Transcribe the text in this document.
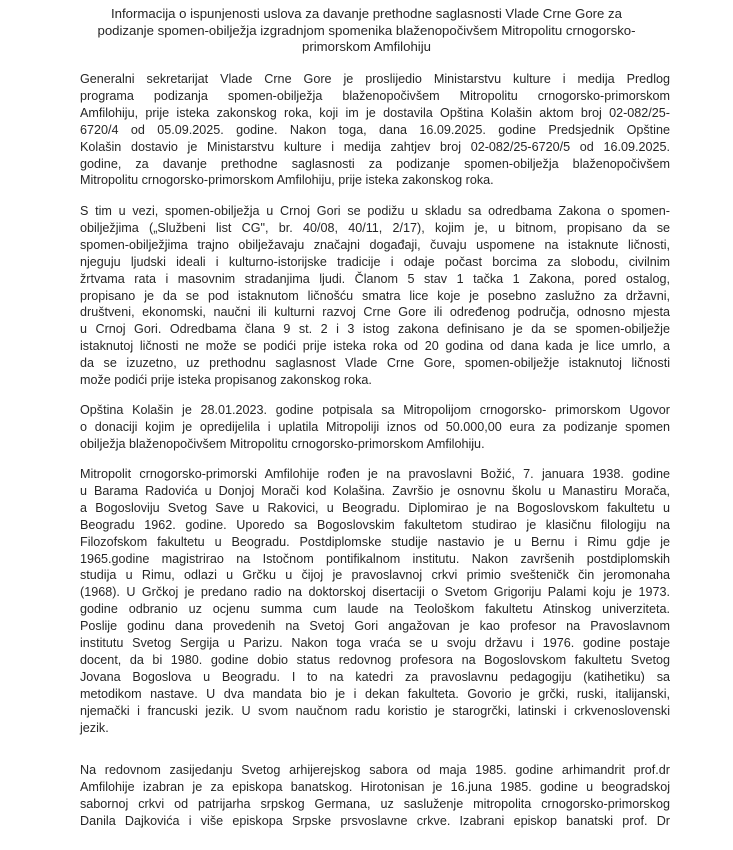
Informacija o ispunjenosti uslova za davanje prethodne saglasnosti Vlade Crne Gore za
podizanje spomen-obilježja izgradnjom spomenika blaženopočivšem Mitropolitu crnogorsko-
primorskom Amfilohiju
Generalni sekretarijat Vlade Crne Gore je proslijedio Ministarstvu kulture i medija Predlog
programa podizanja spomen-obilježja blaženopočivšem Mitropolitu crnogorsko-primorskom
Amfilohiju, prije isteka zakonskog roka, koji im je dostavila Opština Kolašin aktom broj 02-082/25-
6720/4 od 05.09.2025. godine. Nakon toga, dana 16.09.2025. godine Predsjednik Opštine
Kolašin dostavio je Ministarstvu kulture i medija zahtjev broj 02-082/25-6720/5 od 16.09.2025.
godine, za davanje prethodne saglasnosti za podizanje spomen-obilježja blaženopočivšem
Mitropolitu crnogorsko-primorskom Amfilohiju, prije isteka zakonskog roka.
S tim u vezi, spomen-obilježja u Crnoj Gori se podižu u skladu sa odredbama Zakona o spomen-
obilježjima („Službeni list CG", br. 40/08, 40/11, 2/17), kojim je, u bitnom, propisano da se
spomen-obilježjima trajno obilježavaju značajni događaji, čuvaju uspomene na istaknute ličnosti,
njeguju ljudski ideali i kulturno-istorijske tradicije i odaje počast borcima za slobodu, civilnim
žrtvama rata i masovnim stradanjima ljudi. Članom 5 stav 1 tačka 1 Zakona, pored ostalog,
propisano je da se pod istaknutom ličnošću smatra lice koje je posebno zaslužno za državni,
društveni, ekonomski, naučni ili kulturni razvoj Crne Gore ili određenog područja, odnosno mjesta
u Crnoj Gori. Odredbama člana 9 st. 2 i 3 istog zakona definisano je da se spomen-obilježje
istaknutoj ličnosti ne može se podići prije isteka roka od 20 godina od dana kada je lice umrlo, a
da se izuzetno, uz prethodnu saglasnost Vlade Crne Gore, spomen-obilježje istaknutoj ličnosti
može podići prije isteka propisanog zakonskog roka.
Opština Kolašin je 28.01.2023. godine potpisala sa Mitropolijom crnogorsko- primorskom Ugovor
o donaciji kojim je opredijelila i uplatila Mitropoliji iznos od 50.000,00 eura za podizanje spomen
obilježja blaženopočivšem Mitropolitu crnogorsko-primorskom Amfilohiju.
Mitropolit crnogorsko-primorski Amfilohije rođen je na pravoslavni Božić, 7. januara 1938. godine
u Barama Radovića u Donjoj Morači kod Kolašina. Završio je osnovnu školu u Manastiru Morača,
a Bogosloviju Svetog Save u Rakovici, u Beogradu. Diplomirao je na Bogoslovskom fakultetu u
Beogradu 1962. godine. Uporedo sa Bogoslovskim fakultetom studirao je klasičnu filologiju na
Filozofskom fakultetu u Beogradu. Postdiplomske studije nastavio je u Bernu i Rimu gdje je
1965.godine magistrirao na Istočnom pontifikalnom institutu. Nakon završenih postdiplomskih
studija u Rimu, odlazi u Grčku u čijoj je pravoslavnoj crkvi primio svešteničk čin jeromonaha
(1968). U Grčkoj je predano radio na doktorskoj disertaciji o Svetom Grigoriju Palami koju je 1973.
godine odbranio uz ocjenu summa cum laude na Teološkom fakultetu Atinskog univerziteta.
Poslije godinu dana provedenih na Svetoj Gori angažovan je kao profesor na Pravoslavnom
institutu Svetog Sergija u Parizu. Nakon toga vraća se u svoju državu i 1976. godine postaje
docent, da bi 1980. godine dobio status redovnog profesora na Bogoslovskom fakultetu Svetog
Jovana Bogoslova u Beogradu. I to na katedri za pravoslavnu pedagogiju (katihetiku) sa
metodikom nastave. U dva mandata bio je i dekan fakulteta. Govorio je grčki, ruski, italijanski,
njemački i francuski jezik. U svom naučnom radu koristio je starogrčki, latinski i crkvenoslovenski
jezik.
Na redovnom zasijedanju Svetog arhijerejskog sabora od maja 1985. godine arhimandrit prof.dr
Amfilohije izabran je za episkopa banatskog. Hirotonisan je 16.juna 1985. godine u beogradskoj
sabornoj crkvi od patrijarha srpskog Germana, uz sasluženje mitropolita crnogorsko-primorskog
Danila Dajkovića i više episkopa Srpske prsvoslavne crkve. Izabrani episkop banatski prof. Dr
